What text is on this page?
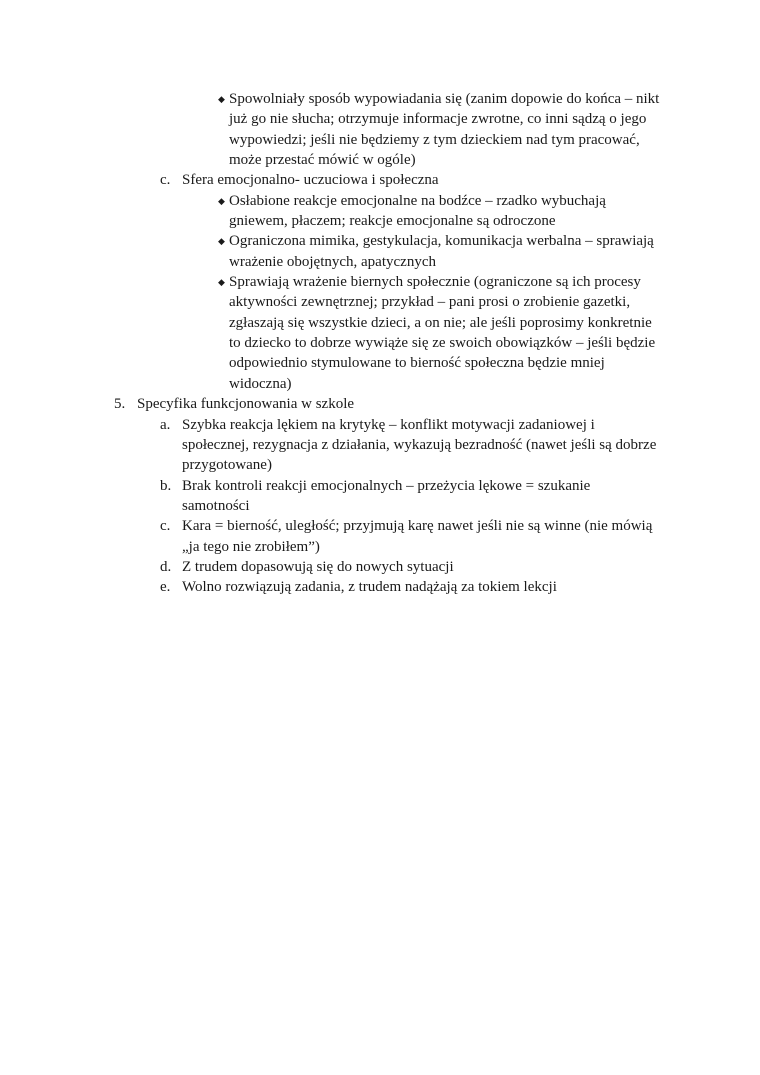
◆ Spowolniały sposób wypowiadania się (zanim dopowie do końca – nikt
już go nie słucha; otrzymuje informacje zwrotne, co inni sądzą o jego
wypowiedzi; jeśli nie będziemy z tym dzieckiem nad tym pracować,
może przestać mówić w ogóle)
c. Sfera emocjonalno- uczuciowa i społeczna
◆ Osłabione reakcje emocjonalne na bodźce – rzadko wybuchają
gniewem, płaczem; reakcje emocjonalne są odroczone
◆ Ograniczona mimika, gestykulacja, komunikacja werbalna – sprawiają
wrażenie obojętnych, apatycznych
◆ Sprawiają wrażenie biernych społecznie (ograniczone są ich procesy
aktywności zewnętrznej; przykład – pani prosi o zrobienie gazetki,
zgłaszają się wszystkie dzieci, a on nie; ale jeśli poprosimy konkretnie
to dziecko to dobrze wywiąże się ze swoich obowiązków – jeśli będzie
odpowiednio stymulowane to bierność społeczna będzie mniej
widoczna)
5. Specyfika funkcjonowania w szkole
a. Szybka reakcja lękiem na krytykę – konflikt motywacji zadaniowej i
społecznej, rezygnacja z działania, wykazują bezradność (nawet jeśli są dobrze
przygotowane)
b. Brak kontroli reakcji emocjonalnych – przeżycia lękowe = szukanie
samotności
c. Kara = bierność, uległość; przyjmują karę nawet jeśli nie są winne (nie mówią
„ja tego nie zrobiłem”)
d. Z trudem dopasowują się do nowych sytuacji
e. Wolno rozwiązują zadania, z trudem nadążają za tokiem lekcji
